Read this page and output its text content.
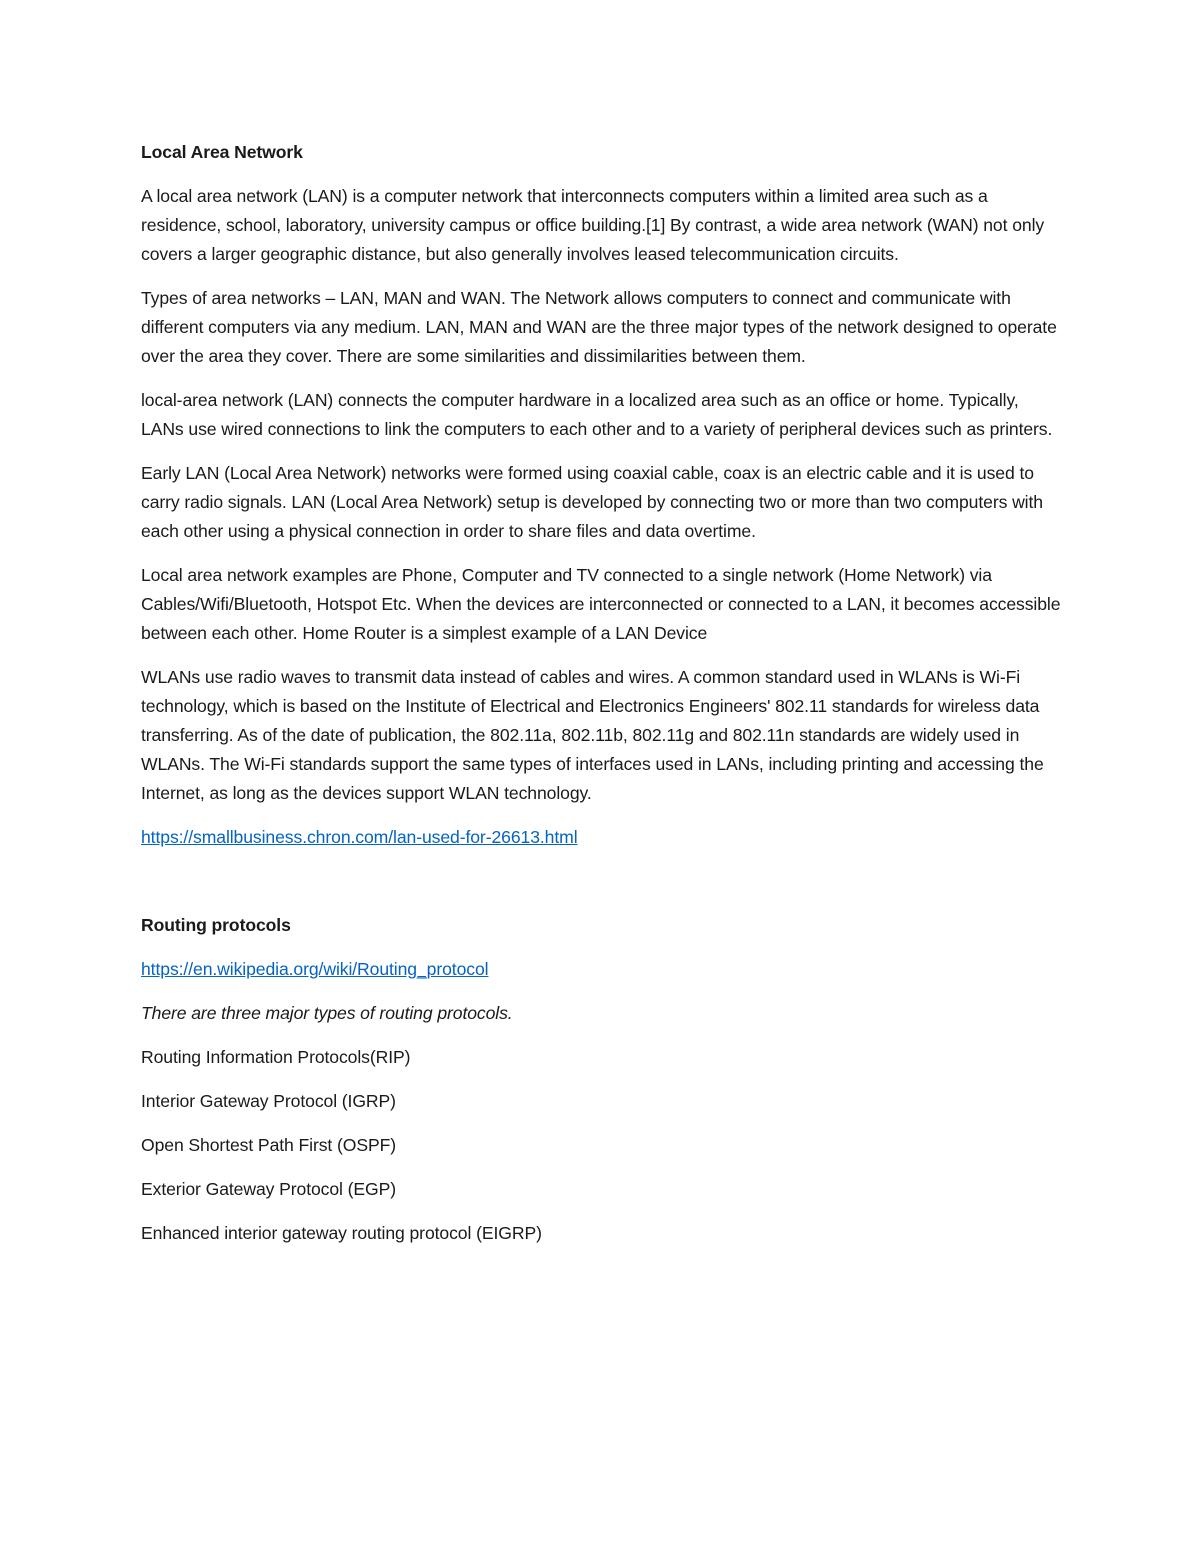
Local Area Network
A local area network (LAN) is a computer network that interconnects computers within a limited area such as a residence, school, laboratory, university campus or office building.[1] By contrast, a wide area network (WAN) not only covers a larger geographic distance, but also generally involves leased telecommunication circuits.
Types of area networks – LAN, MAN and WAN. The Network allows computers to connect and communicate with different computers via any medium. LAN, MAN and WAN are the three major types of the network designed to operate over the area they cover. There are some similarities and dissimilarities between them.
local-area network (LAN) connects the computer hardware in a localized area such as an office or home. Typically, LANs use wired connections to link the computers to each other and to a variety of peripheral devices such as printers.
Early LAN (Local Area Network) networks were formed using coaxial cable, coax is an electric cable and it is used to carry radio signals. LAN (Local Area Network) setup is developed by connecting two or more than two computers with each other using a physical connection in order to share files and data overtime.
Local area network examples are Phone, Computer and TV connected to a single network (Home Network) via Cables/Wifi/Bluetooth, Hotspot Etc. When the devices are interconnected or connected to a LAN, it becomes accessible between each other. Home Router is a simplest example of a LAN Device
WLANs use radio waves to transmit data instead of cables and wires. A common standard used in WLANs is Wi-Fi technology, which is based on the Institute of Electrical and Electronics Engineers' 802.11 standards for wireless data transferring. As of the date of publication, the 802.11a, 802.11b, 802.11g and 802.11n standards are widely used in WLANs. The Wi-Fi standards support the same types of interfaces used in LANs, including printing and accessing the Internet, as long as the devices support WLAN technology.
https://smallbusiness.chron.com/lan-used-for-26613.html
Routing protocols
https://en.wikipedia.org/wiki/Routing_protocol
There are three major types of routing protocols.
Routing Information Protocols(RIP)
Interior Gateway Protocol (IGRP)
Open Shortest Path First (OSPF)
Exterior Gateway Protocol (EGP)
Enhanced interior gateway routing protocol (EIGRP)
